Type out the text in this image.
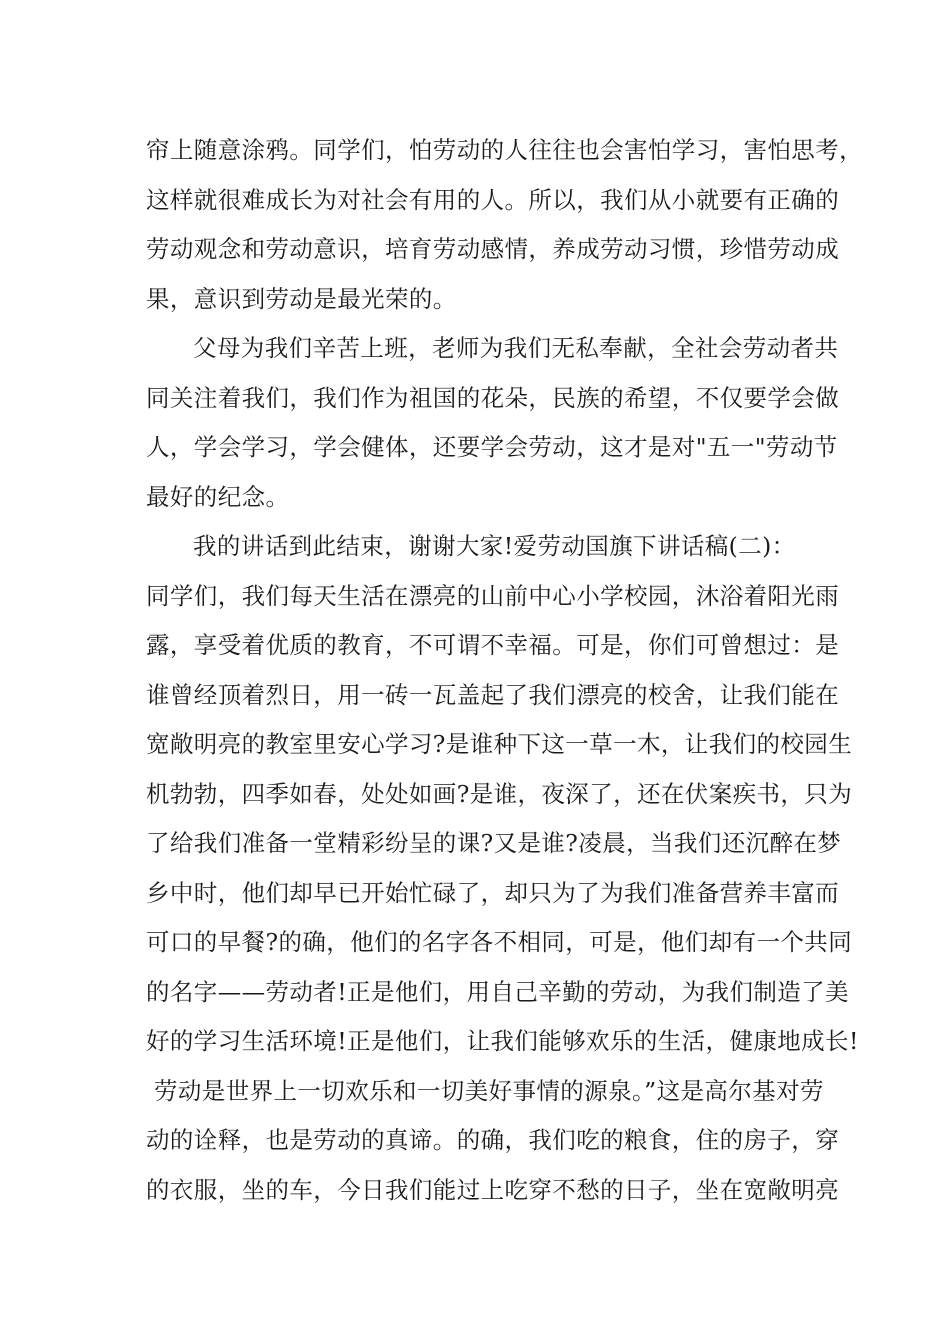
帘上随意涂鸦。同学们，怕劳动的人往往也会害怕学习，害怕思考，
这样就很难成长为对社会有用的人。所以，我们从小就要有正确的
劳动观念和劳动意识，培育劳动感情，养成劳动习惯，珍惜劳动成
果，意识到劳动是最光荣的。
父母为我们辛苦上班，老师为我们无私奉献，全社会劳动者共
同关注着我们，我们作为祖国的花朵，民族的希望，不仅要学会做
人，学会学习，学会健体，还要学会劳动，这才是对"五一"劳动节
最好的纪念。
我的讲话到此结束，谢谢大家!爱劳动国旗下讲话稿(二)：
同学们，我们每天生活在漂亮的山前中心小学校园，沐浴着阳光雨
露，享受着优质的教育，不可谓不幸福。可是，你们可曾想过：是
谁曾经顶着烈日，用一砖一瓦盖起了我们漂亮的校舍，让我们能在
宽敞明亮的教室里安心学习?是谁种下这一草一木，让我们的校园生
机勃勃，四季如春，处处如画?是谁，夜深了，还在伏案疾书，只为
了给我们准备一堂精彩纷呈的课?又是谁?凌晨，当我们还沉醉在梦
乡中时，他们却早已开始忙碌了，却只为了为我们准备营养丰富而
可口的早餐?的确，他们的名字各不相同，可是，他们却有一个共同
的名字——劳动者!正是他们，用自己辛勤的劳动，为我们制造了美
好的学习生活环境!正是他们，让我们能够欢乐的生活，健康地成长!
劳动是世界上一切欢乐和一切美好事情的源泉。”这是高尔基对劳
动的诠释，也是劳动的真谛。的确，我们吃的粮食，住的房子，穿
的衣服，坐的车，今日我们能过上吃穿不愁的日子，坐在宽敞明亮
